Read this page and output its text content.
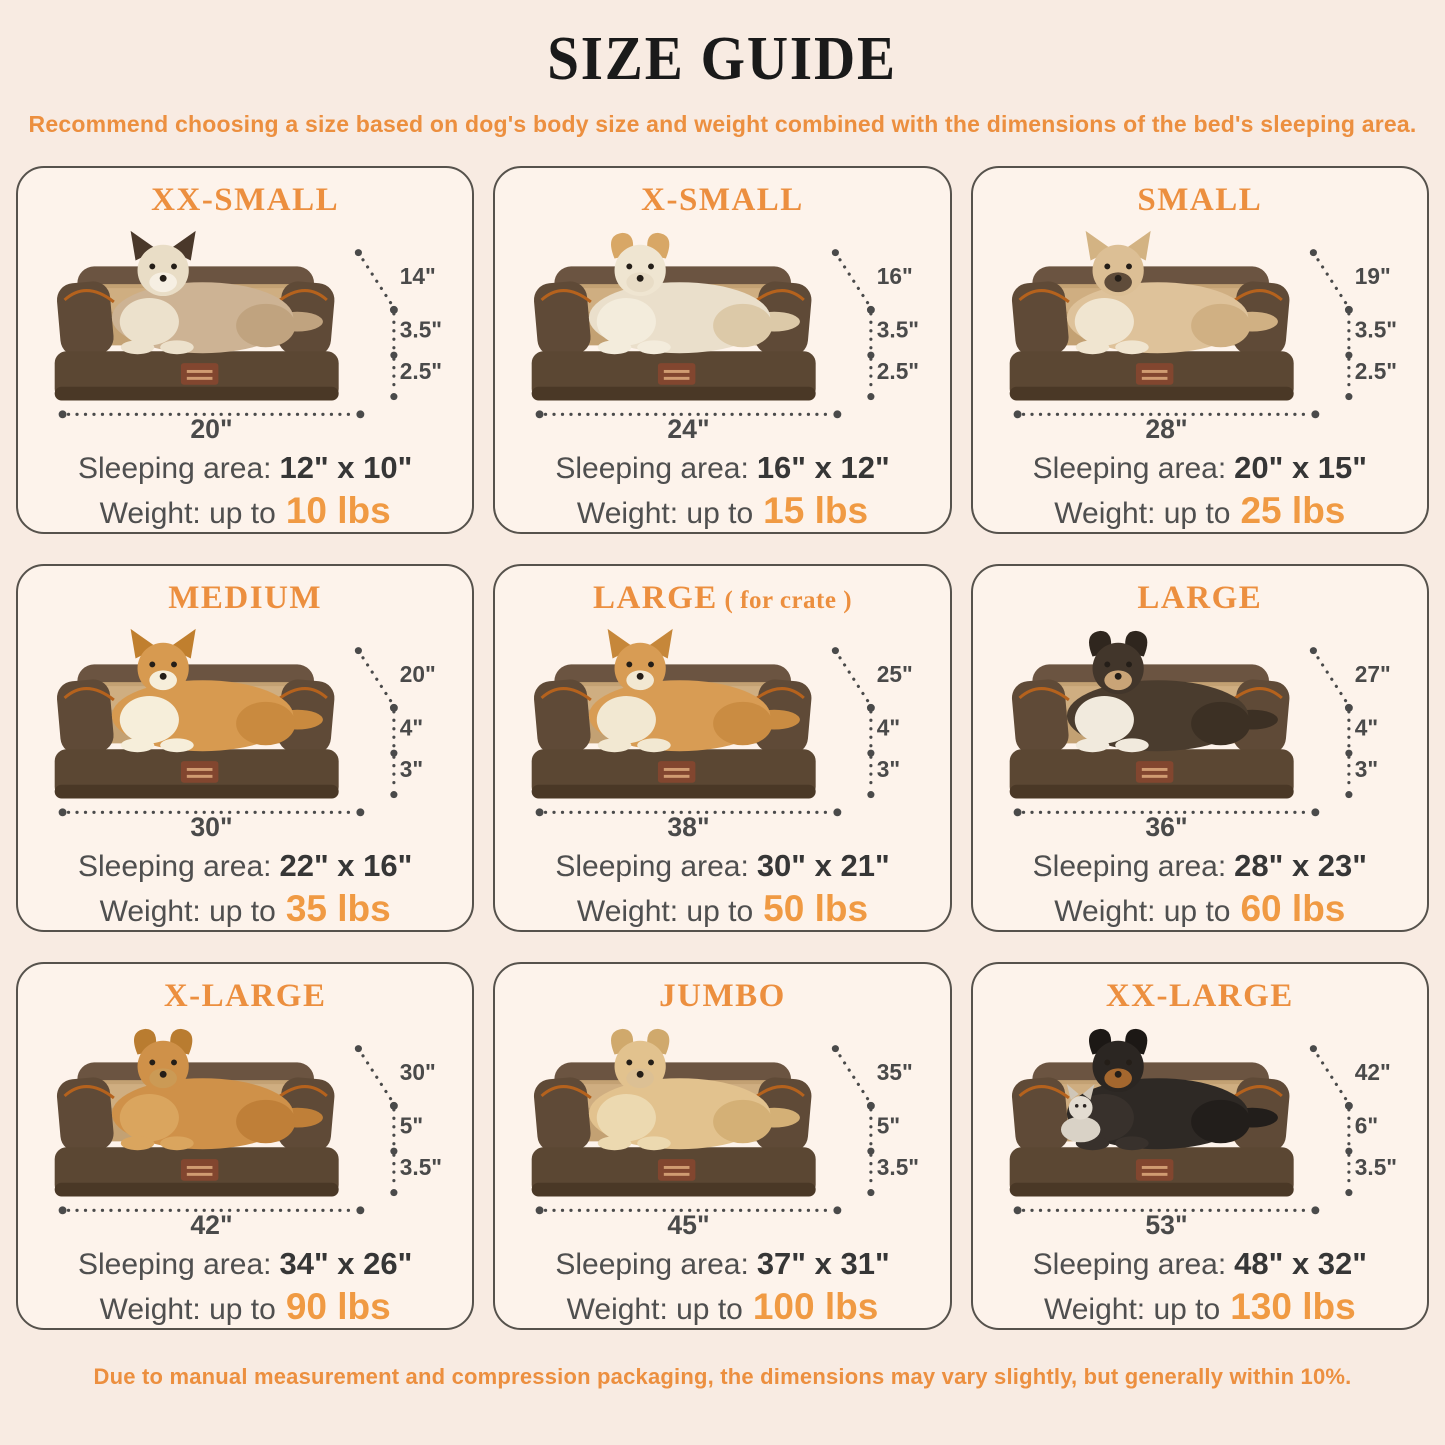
SIZE GUIDE
Recommend choosing a size based on dog's body size and weight combined with the dimensions of the bed's sleeping area.
XX-SMALL
14"
3.5"
2.5"
20"

Sleeping area: 12" x 10"

Weight: up to 10 lbs

X-SMALL
16"
3.5"
2.5"
24"

Sleeping area: 16" x 12"

Weight: up to 15 lbs

SMALL
19"
3.5"
2.5"
28"

Sleeping area: 20" x 15"

Weight: up to 25 lbs

MEDIUM
20"
4"
3"
30"

Sleeping area: 22" x 16"

Weight: up to 35 lbs

LARGE ( for crate )
25"
4"
3"
38"

Sleeping area: 30" x 21"

Weight: up to 50 lbs

LARGE
27"
4"
3"
36"

Sleeping area: 28" x 23"

Weight: up to 60 lbs

X-LARGE
30"
5"
3.5"
42"

Sleeping area: 34" x 26"

Weight: up to 90 lbs

JUMBO
35"
5"
3.5"
45"

Sleeping area: 37" x 31"

Weight: up to 100 lbs

XX-LARGE
42"
6"
3.5"
53"

Sleeping area: 48" x 32"

Weight: up to 130 lbs

Due to manual measurement and compression packaging, the dimensions may vary slightly, but generally within 10%.
